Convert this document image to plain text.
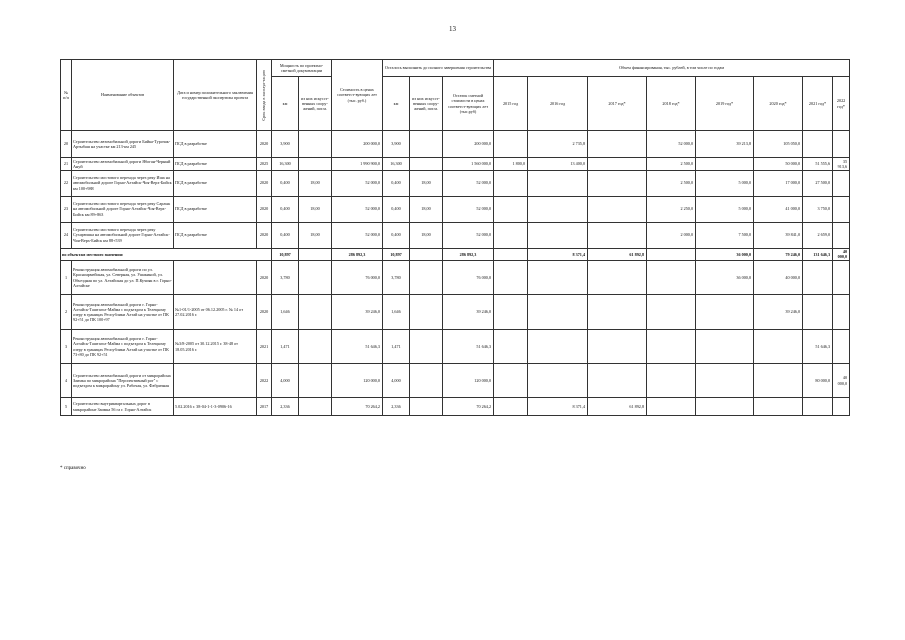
13
№ п/п	Наименование объектов	Дата и номер положительного заключения государственной экспертизы проекта	Срок ввода в эксплуа-тацию	Мощность по проектно-сметной документации		Стоимость в ценах соответст-вующих лет (тыс. руб.)	Осталось выполнить до полного завершения строительства			Объем финансирования, тыс. рублей, в том числе по годам							
				км	из них искусст-венных соору-жений, пог.м.		км	из них искусст-венных соору-жений, пог.м.	Остаток сметной стоимости в ценах соответст-вующих лет (тыс.руб)	2015 год	2016 год	2017 год*	2018 год*	2019 год*	2020 год*	2021 год*	2022 год*
20	Строительство автомобильной дороги Бийка-Турочак-Артыбаш на участке км 213-км 245	ПСД в разработке	2020	3,900		200 000,0	3,900		200 000,0		2 735,8		52 000,0	39 213,8	105 050,0		
21	Строительство автомобильной дороги Ябоган-Черный Ануй	ПСД в разработке	2025	16,300		1 990 900,0	16,300		1 560 000,0	1 800,0	13 400,0		2 500,0		50 000,0	51 555,6	35 913,6
22	Строительство мостового перехода через реку Ишa на автомобильной дороге Горно-Алтайск-Чоя-Верх-Бийск км 100+988	ПСД в разработке	2020	0,400	18,00	52 000,0	0,400	18,00	52 000,0				2 500,0	5 000,0	17 000,0	27 500,0	
23	Строительство мостового перехода через реку Сарлык на автомобильной дороге Горно-Алтайск-Чоя-Верх-Бийск км 89+863	ПСД в разработке	2020	0,400	18,00	52 000,0	0,400	18,00	52 000,0				2 250,0	5 000,0	41 000,0	3 750,0	
24	Строительство мостового перехода через реку Сухарюшка на автомобильной дороге Горно-Алтайск-Чоя-Верх-Бийск км 88+539	ПСД в разработке	2020	0,400	18,00	52 000,0	0,400	18,00	52 000,0				2 000,0	7 500,0	39 841,0	2 659,0	
по объектам местного значения:				10,897		286 892,3	10,897		286 892,3		8 371,4	61 892,8		36 000,0	79 246,0	131 646,3	40 000,0
1	Реконструкция автомобильной дороги по ул. Красноармейская, ул. Северная, ул. Ушакиной, ул. Объездная по ул. Алтайская до ул. П.Кучияк в г. Горно-Алтайске		2020	3,780		76 000,0	3,780		76 000,0					36 000,0	40 000,0		
2	Реконструкция автомобильной дороги г. Горно-Алтайск-Таштагол-Майма с подъездом к Телецкому озеру в границах Республики Алтай на участке от ПК 92+51 до ПК 100+97	№1-01/1-2005 от 06.12.2005 г. № 14 от 27.02.2016 г.	2020	1,646		39 246,0	1,646		39 246,0						39 246,0		
3	Реконструкция автомобильной дороги г. Горно-Алтайск-Таштагол-Майма с подъездом к Телецкому озеру в границах Республики Алтай на участке от ПК 73+80 до ПК 92+51	№3/8-2005 от 30.12.2015 г. 38-48 от 18.05.2016 г.	2021	1,471		51 646,3	1,471		51 646,3							51 646,3	
4	Строительство автомобильной дороги от микрорайона Заимка по микрорайона "Перспективный рог" с подъездом к микрорайону ул. Рабочая, ул. Фабричная		2022	4,000		120 000,0	4,000		120 000,0							80 000,0	40 000,0
5	Строительство внутриквартальных дорог в микрорайоне Заимка 56 га г. Горно-Алтайск	5.02.2016 г. 38-04-1-1-3-0906-16	2017	2,336		70 264,2	2,336		70 264,2		8 371,4	61 892,8					
* справочно
